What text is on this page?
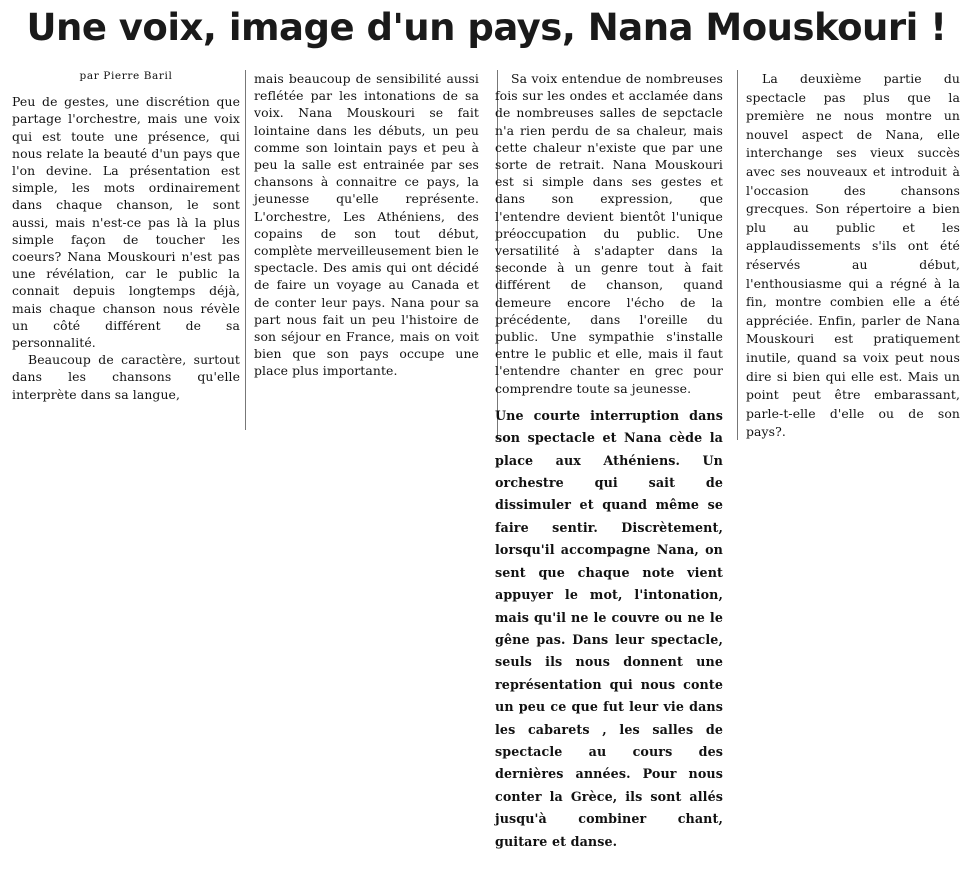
Une voix, image d'un pays, Nana Mouskouri !

par Pierre Baril

Peu de gestes, une discrétion que partage l'orchestre, mais une voix qui est toute une présence, qui nous relate la beauté d'un pays que l'on devine. La présentation est simple, les mots ordinairement dans chaque chanson, le sont aussi, mais n'est-ce pas là la plus simple façon de toucher les coeurs? Nana Mouskouri n'est pas une révélation, car le public la connait depuis longtemps déjà, mais chaque chanson nous révèle un côté différent de sa personnalité.

Beaucoup de caractère, surtout dans les chansons qu'elle interprète dans sa langue,

mais beaucoup de sensibilité aussi reflétée par les intonations de sa voix. Nana Mouskouri se fait lointaine dans les débuts, un peu comme son lointain pays et peu à peu la salle est entrainée par ses chansons à connaitre ce pays, la jeunesse qu'elle représente. L'orchestre, Les Athéniens, des copains de son tout début, complète merveilleusement bien le spectacle. Des amis qui ont décidé de faire un voyage au Canada et de conter leur pays. Nana pour sa part nous fait un peu l'histoire de son séjour en France, mais on voit bien que son pays occupe une place plus importante.

Sa voix entendue de nombreuses fois sur les ondes et acclamée dans de nombreuses salles de sepctacle n'a rien perdu de sa chaleur, mais cette chaleur n'existe que par une sorte de retrait. Nana Mouskouri est si simple dans ses gestes et dans son expression, que l'entendre devient bientôt l'unique préoccupation du public. Une versatilité à s'adapter dans la seconde à un genre tout à fait différent de chanson, quand demeure encore l'écho de la précédente, dans l'oreille du public. Une sympathie s'installe entre le public et elle, mais il faut l'entendre chanter en grec pour comprendre toute sa jeunesse.

Une courte interruption dans son spectacle et Nana cède la place aux Athéniens. Un orchestre qui sait de dissimuler et quand même se faire sentir. Discrètement, lorsqu'il accompagne Nana, on sent que chaque note vient appuyer le mot, l'intonation, mais qu'il ne le couvre ou ne le gêne pas. Dans leur spectacle, seuls ils nous donnent une représentation qui nous conte un peu ce que fut leur vie dans les cabarets , les salles de spectacle au cours des dernières années. Pour nous conter la Grèce, ils sont allés jusqu'à combiner chant, guitare et danse.

La deuxième partie du spectacle pas plus que la première ne nous montre un nouvel aspect de Nana, elle interchange ses vieux succès avec ses nouveaux et introduit à l'occasion des chansons grecques. Son répertoire a bien plu au public et les applaudissements s'ils ont été réservés au début, l'enthousiasme qui a régné à la fin, montre combien elle a été appréciée. Enfin, parler de Nana Mouskouri est pratiquement inutile, quand sa voix peut nous dire si bien qui elle est. Mais un point peut être embarassant, parle-t-elle d'elle ou de son pays?.
